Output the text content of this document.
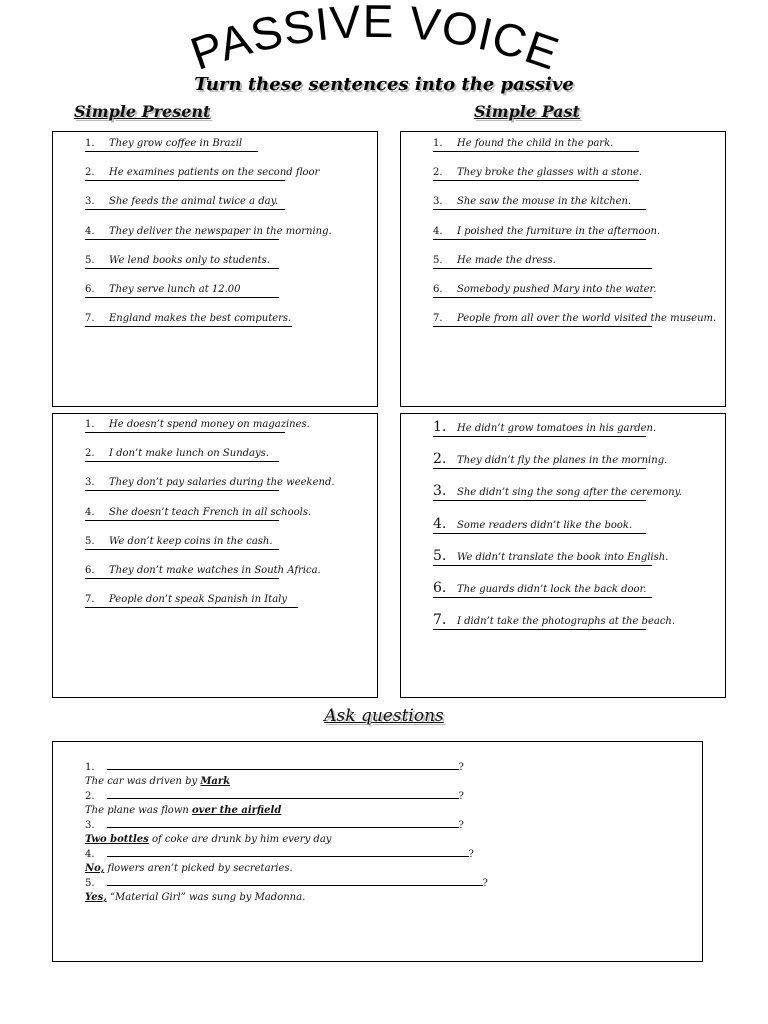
PASSIVE VOICE
Turn these sentences into the passive
Simple Present	Simple Past
1. They grow coffee in Brazil
2. He examines patients on the second floor
3. She feeds the animal twice a day.
4. They deliver the newspaper in the morning.
5. We lend books only to students.
6. They serve lunch at 12.00
7. England makes the best computers.
1. He found the child in the park.
2. They broke the glasses with a stone.
3. She saw the mouse in the kitchen.
4. I poished the furniture in the afternoon.
5. He made the dress.
6. Somebody pushed Mary into the water.
7. People from all over the world visited the museum.
1. He doesn’t spend money on magazines.
2. I don’t make lunch on Sundays.
3. They don’t pay salaries during the weekend.
4. She doesn’t teach French in all schools.
5. We don’t keep coins in the cash.
6. They don’t make watches in South Africa.
7. People don’t speak Spanish in Italy
1. He didn’t grow tomatoes in his garden.
2. They didn’t fly the planes in the morning.
3. She didn’t sing the song after the ceremony.
4. Some readers didn’t like the book.
5. We didn’t translate the book into English.
6. The guards didn’t lock the back door.
7. I didn’t take the photographs at the beach.
Ask questions
1.	?
The car was driven by Mark
2.	?
The plane was flown over the airfield
3.	?
Two bottles of coke are drunk by him every day
4.	?
No, flowers aren’t picked by secretaries.
5.	?
Yes, “Material Girl” was sung by Madonna.
